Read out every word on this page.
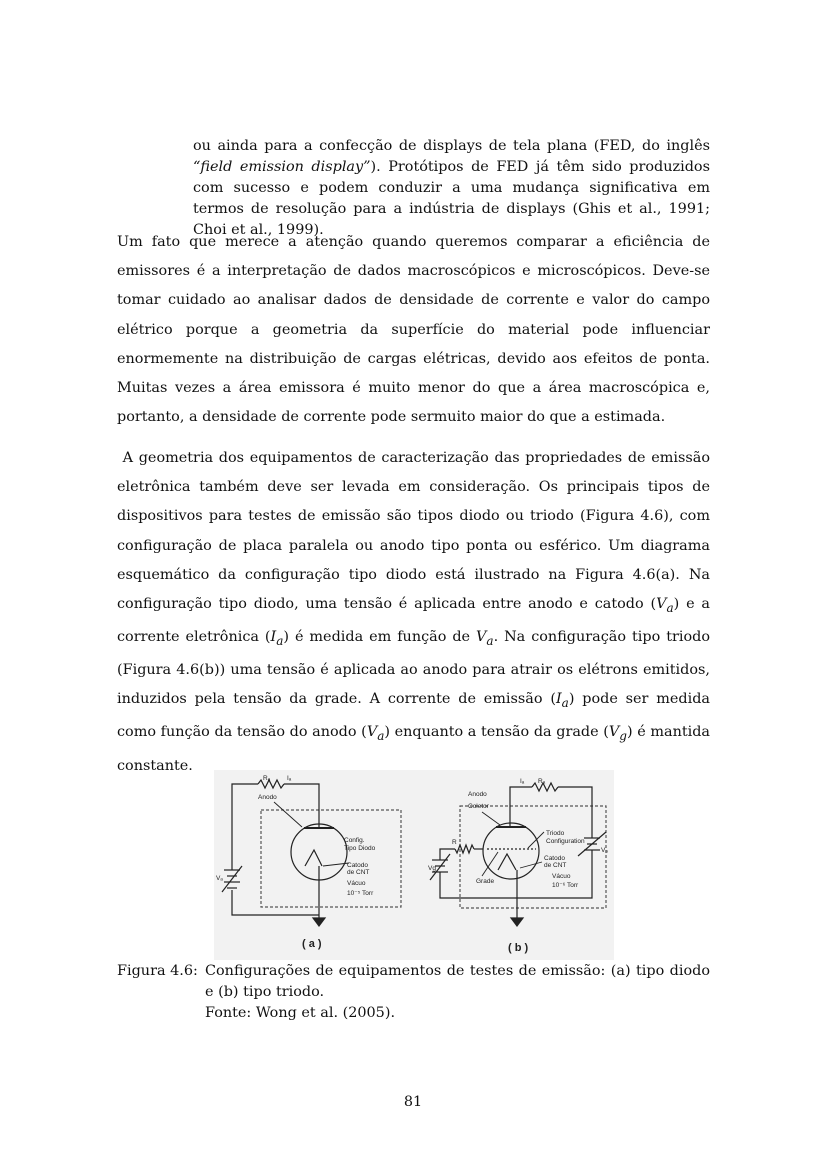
ou ainda para a confecção de displays de tela plana (FED, do inglês “field emission display”). Protótipos de FED já têm sido produzidos com sucesso e podem conduzir a uma mudança significativa em termos de resolução para a indústria de displays (Ghis et al., 1991; Choi et al., 1999).
Um fato que merece a atenção quando queremos comparar a eficiência de emissores é a interpretação de dados macroscópicos e microscópicos. Deve-se tomar cuidado ao analisar dados de densidade de corrente e valor do campo elétrico porque a geometria da superfície do material pode influenciar enormemente na distribuição de cargas elétricas, devido aos efeitos de ponta. Muitas vezes a área emissora é muito menor do que a área macroscópica e, portanto, a densidade de corrente pode sermuito maior do que a estimada.
A geometria dos equipamentos de caracterização das propriedades de emissão eletrônica também deve ser levada em consideração. Os principais tipos de dispositivos para testes de emissão são tipos diodo ou triodo (Figura 4.6), com configuração de placa paralela ou anodo tipo ponta ou esférico. Um diagrama esquemático da configuração tipo diodo está ilustrado na Figura 4.6(a). Na configuração tipo diodo, uma tensão é aplicada entre anodo e catodo $(V_a)$ e a corrente eletrônica $(I_a)$ é medida em função de $V_a$. Na configuração tipo triodo (Figura 4.6(b)) uma tensão é aplicada ao anodo para atrair os elétrons emitidos, induzidos pela tensão da grade. A corrente de emissão $(I_a)$ pode ser medida como função da tensão do anodo $(V_a)$ enquanto a tensão da grade $(V_g)$ é mantida constante.
Rₐ	Iₐ
Anodo
Config.
Tipo Diodo
Catodo
de CNT
Vácuo
10⁻⁵ Torr
Vₐ
Iₐ Rₐ
Anodo
Coletor
R
Vg
Triodo
Configuration
Catodo
de CNT
Grade
Vácuo
10⁻⁶ Torr
Vₐ
( a )	( b )
Figura 4.6: Configurações de equipamentos de testes de emissão: (a) tipo diodo e (b) tipo triodo.
Fonte: Wong et al. (2005).
81
